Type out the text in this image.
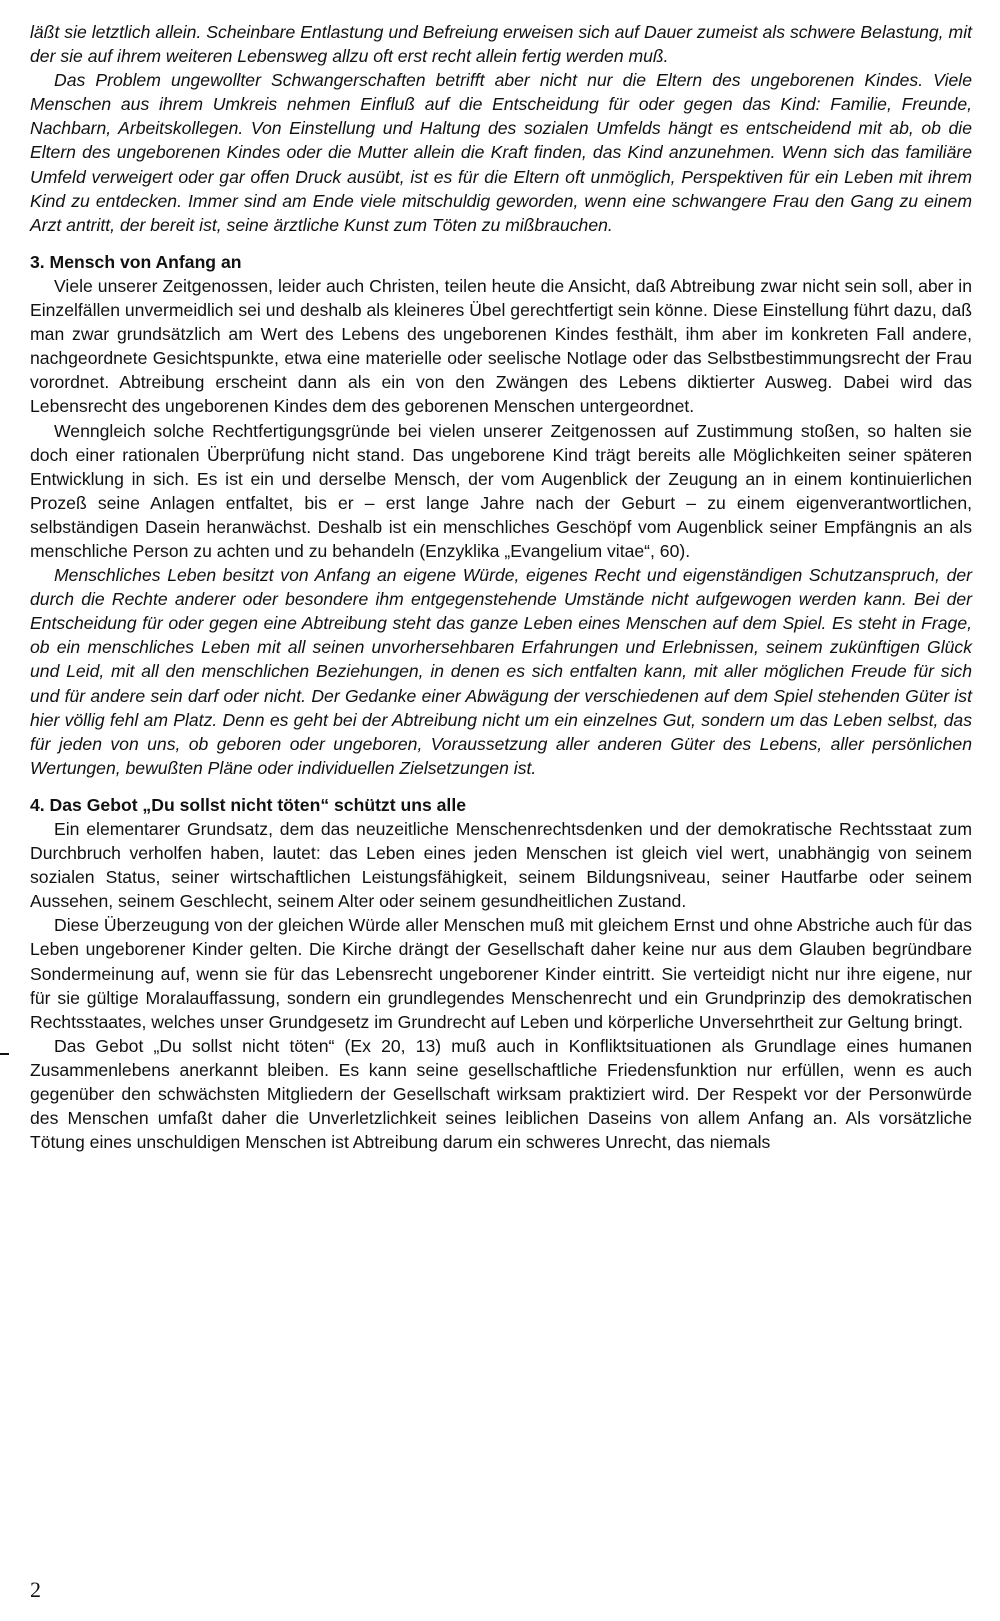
läßt sie letztlich allein. Scheinbare Entlastung und Befreiung erweisen sich auf Dauer zumeist als schwere Belastung, mit der sie auf ihrem weiteren Lebensweg allzu oft erst recht allein fertig werden muß.

Das Problem ungewollter Schwangerschaften betrifft aber nicht nur die Eltern des ungeborenen Kindes. Viele Menschen aus ihrem Umkreis nehmen Einfluß auf die Entscheidung für oder gegen das Kind: Familie, Freunde, Nachbarn, Arbeitskollegen. Von Einstellung und Haltung des sozialen Umfelds hängt es entscheidend mit ab, ob die Eltern des ungeborenen Kindes oder die Mutter allein die Kraft finden, das Kind anzunehmen. Wenn sich das familiäre Umfeld verweigert oder gar offen Druck ausübt, ist es für die Eltern oft unmöglich, Perspektiven für ein Leben mit ihrem Kind zu entdecken. Immer sind am Ende viele mitschuldig geworden, wenn eine schwangere Frau den Gang zu einem Arzt antritt, der bereit ist, seine ärztliche Kunst zum Töten zu mißbrauchen.

3. Mensch von Anfang an

Viele unserer Zeitgenossen, leider auch Christen, teilen heute die Ansicht, daß Abtreibung zwar nicht sein soll, aber in Einzelfällen unvermeidlich sei und deshalb als kleineres Übel gerechtfertigt sein könne. Diese Einstellung führt dazu, daß man zwar grundsätzlich am Wert des Lebens des ungeborenen Kindes festhält, ihm aber im konkreten Fall andere, nachgeordnete Gesichtspunkte, etwa eine materielle oder seelische Notlage oder das Selbstbestimmungsrecht der Frau vorordnet. Abtreibung erscheint dann als ein von den Zwängen des Lebens diktierter Ausweg. Dabei wird das Lebensrecht des ungeborenen Kindes dem des geborenen Menschen untergeordnet.

Wenngleich solche Rechtfertigungsgründe bei vielen unserer Zeitgenossen auf Zustimmung stoßen, so halten sie doch einer rationalen Überprüfung nicht stand. Das ungeborene Kind trägt bereits alle Möglichkeiten seiner späteren Entwicklung in sich. Es ist ein und derselbe Mensch, der vom Augenblick der Zeugung an in einem kontinuierlichen Prozeß seine Anlagen entfaltet, bis er – erst lange Jahre nach der Geburt – zu einem eigenverantwortlichen, selbständigen Dasein heranwächst. Deshalb ist ein menschliches Geschöpf vom Augenblick seiner Empfängnis an als menschliche Person zu achten und zu behandeln (Enzyklika „Evangelium vitae“, 60).

Menschliches Leben besitzt von Anfang an eigene Würde, eigenes Recht und eigenständigen Schutzanspruch, der durch die Rechte anderer oder besondere ihm entgegenstehende Umstände nicht aufgewogen werden kann. Bei der Entscheidung für oder gegen eine Abtreibung steht das ganze Leben eines Menschen auf dem Spiel. Es steht in Frage, ob ein menschliches Leben mit all seinen unvorhersehbaren Erfahrungen und Erlebnissen, seinem zukünftigen Glück und Leid, mit all den menschlichen Beziehungen, in denen es sich entfalten kann, mit aller möglichen Freude für sich und für andere sein darf oder nicht. Der Gedanke einer Abwägung der verschiedenen auf dem Spiel stehenden Güter ist hier völlig fehl am Platz. Denn es geht bei der Abtreibung nicht um ein einzelnes Gut, sondern um das Leben selbst, das für jeden von uns, ob geboren oder ungeboren, Voraussetzung aller anderen Güter des Lebens, aller persönlichen Wertungen, bewußten Pläne oder individuellen Zielsetzungen ist.

4. Das Gebot „Du sollst nicht töten“ schützt uns alle

Ein elementarer Grundsatz, dem das neuzeitliche Menschenrechtsdenken und der demokratische Rechtsstaat zum Durchbruch verholfen haben, lautet: das Leben eines jeden Menschen ist gleich viel wert, unabhängig von seinem sozialen Status, seiner wirtschaftlichen Leistungsfähigkeit, seinem Bildungsniveau, seiner Hautfarbe oder seinem Aussehen, seinem Geschlecht, seinem Alter oder seinem gesundheitlichen Zustand.

Diese Überzeugung von der gleichen Würde aller Menschen muß mit gleichem Ernst und ohne Abstriche auch für das Leben ungeborener Kinder gelten. Die Kirche drängt der Gesellschaft daher keine nur aus dem Glauben begründbare Sondermeinung auf, wenn sie für das Lebensrecht ungeborener Kinder eintritt. Sie verteidigt nicht nur ihre eigene, nur für sie gültige Moralauffassung, sondern ein grundlegendes Menschenrecht und ein Grundprinzip des demokratischen Rechtsstaates, welches unser Grundgesetz im Grundrecht auf Leben und körperliche Unversehrtheit zur Geltung bringt.

Das Gebot „Du sollst nicht töten“ (Ex 20, 13) muß auch in Konfliktsituationen als Grundlage eines humanen Zusammenlebens anerkannt bleiben. Es kann seine gesellschaftliche Friedensfunktion nur erfüllen, wenn es auch gegenüber den schwächsten Mitgliedern der Gesellschaft wirksam praktiziert wird. Der Respekt vor der Personwürde des Menschen umfaßt daher die Unverletzlichkeit seines leiblichen Daseins von allem Anfang an. Als vorsätzliche Tötung eines unschuldigen Menschen ist Abtreibung darum ein schweres Unrecht, das niemals

2
